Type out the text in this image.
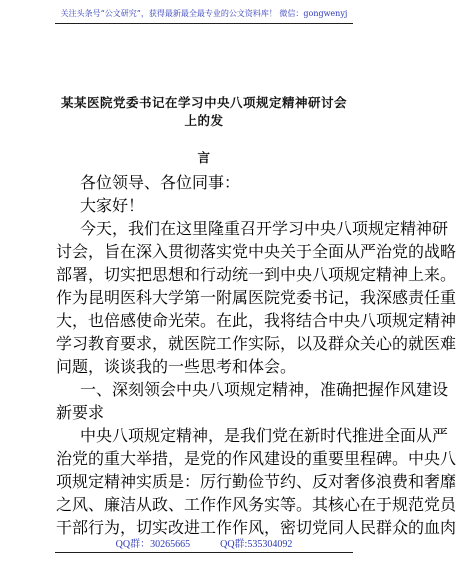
关注头条号“公文研究”，获得最新最全最专业的公文资料库！ 微信：gongwenyj
某某医院党委书记在学习中央八项规定精神研讨会上的发
言
各位领导、各位同事：
大家好！
今天，我们在这里隆重召开学习中央八项规定精神研
讨会，旨在深入贯彻落实党中央关于全面从严治党的战略
部署，切实把思想和行动统一到中央八项规定精神上来。
作为昆明医科大学第一附属医院党委书记，我深感责任重
大，也倍感使命光荣。在此，我将结合中央八项规定精神
学习教育要求，就医院工作实际，以及群众关心的就医难
问题，谈谈我的一些思考和体会。
一、深刻领会中央八项规定精神，准确把握作风建设
新要求
中央八项规定精神，是我们党在新时代推进全面从严
治党的重大举措，是党的作风建设的重要里程碑。中央八
项规定精神实质是：厉行勤俭节约、反对奢侈浪费和奢靡
之风、廉洁从政、工作作风务实等。其核心在于规范党员
干部行为，切实改进工作作风，密切党同人民群众的血肉
QQ群：30265665	QQ群:535304092
